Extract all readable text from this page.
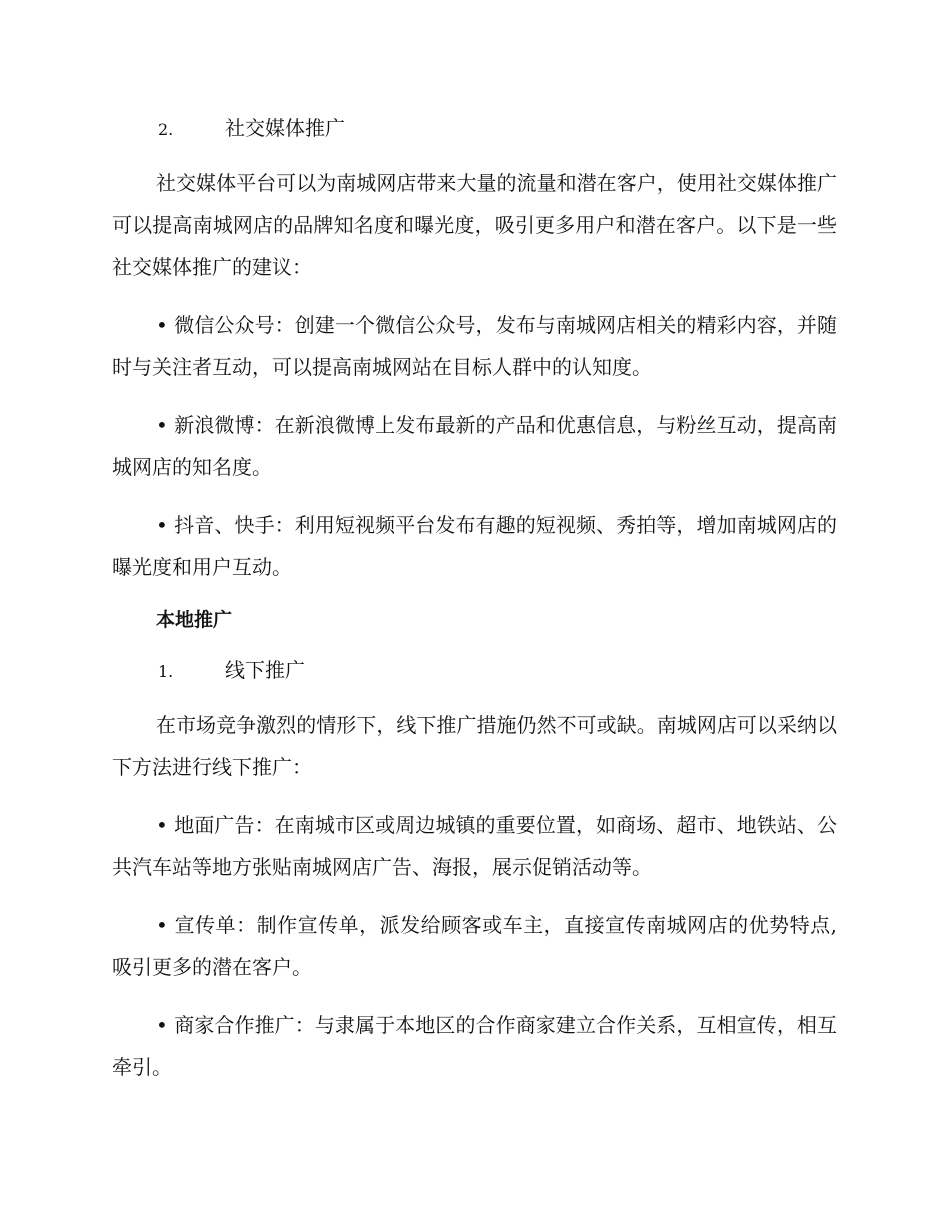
2.	社交媒体推广

社交媒体平台可以为南城网店带来大量的流量和潜在客户，使用社交媒体推广可以提高南城网店的品牌知名度和曝光度，吸引更多用户和潜在客户。以下是一些社交媒体推广的建议：

• 微信公众号：创建一个微信公众号，发布与南城网店相关的精彩内容，并随时与关注者互动，可以提高南城网站在目标人群中的认知度。

• 新浪微博：在新浪微博上发布最新的产品和优惠信息，与粉丝互动，提高南城网店的知名度。

• 抖音、快手：利用短视频平台发布有趣的短视频、秀拍等，增加南城网店的曝光度和用户互动。

本地推广
1.	线下推广

在市场竞争激烈的情形下，线下推广措施仍然不可或缺。南城网店可以采纳以下方法进行线下推广：

• 地面广告：在南城市区或周边城镇的重要位置，如商场、超市、地铁站、公共汽车站等地方张贴南城网店广告、海报，展示促销活动等。

• 宣传单：制作宣传单，派发给顾客或车主，直接宣传南城网店的优势特点,吸引更多的潜在客户。

• 商家合作推广：与隶属于本地区的合作商家建立合作关系，互相宣传，相互牵引。
